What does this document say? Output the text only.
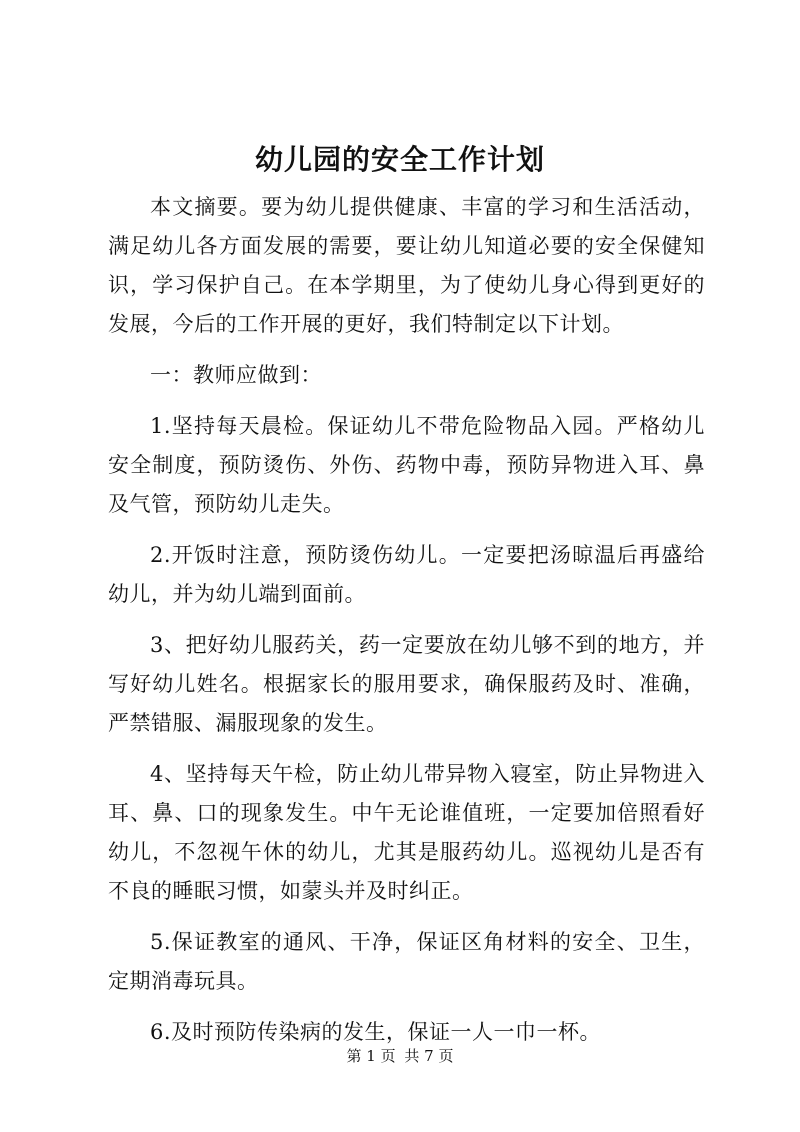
幼儿园的安全工作计划

本文摘要。要为幼儿提供健康、丰富的学习和生活活动，满足幼儿各方面发展的需要，要让幼儿知道必要的安全保健知识，学习保护自己。在本学期里，为了使幼儿身心得到更好的发展，今后的工作开展的更好，我们特制定以下计划。

一：教师应做到：

1.坚持每天晨检。保证幼儿不带危险物品入园。严格幼儿安全制度，预防烫伤、外伤、药物中毒，预防异物进入耳、鼻及气管，预防幼儿走失。

2.开饭时注意，预防烫伤幼儿。一定要把汤晾温后再盛给幼儿，并为幼儿端到面前。

3、把好幼儿服药关，药一定要放在幼儿够不到的地方，并写好幼儿姓名。根据家长的服用要求，确保服药及时、准确，严禁错服、漏服现象的发生。

4、坚持每天午检，防止幼儿带异物入寝室，防止异物进入耳、鼻、口的现象发生。中午无论谁值班，一定要加倍照看好幼儿，不忽视午休的幼儿，尤其是服药幼儿。巡视幼儿是否有不良的睡眠习惯，如蒙头并及时纠正。

5.保证教室的通风、干净，保证区角材料的安全、卫生，定期消毒玩具。

6.及时预防传染病的发生，保证一人一巾一杯。

第 1 页 共 7 页
